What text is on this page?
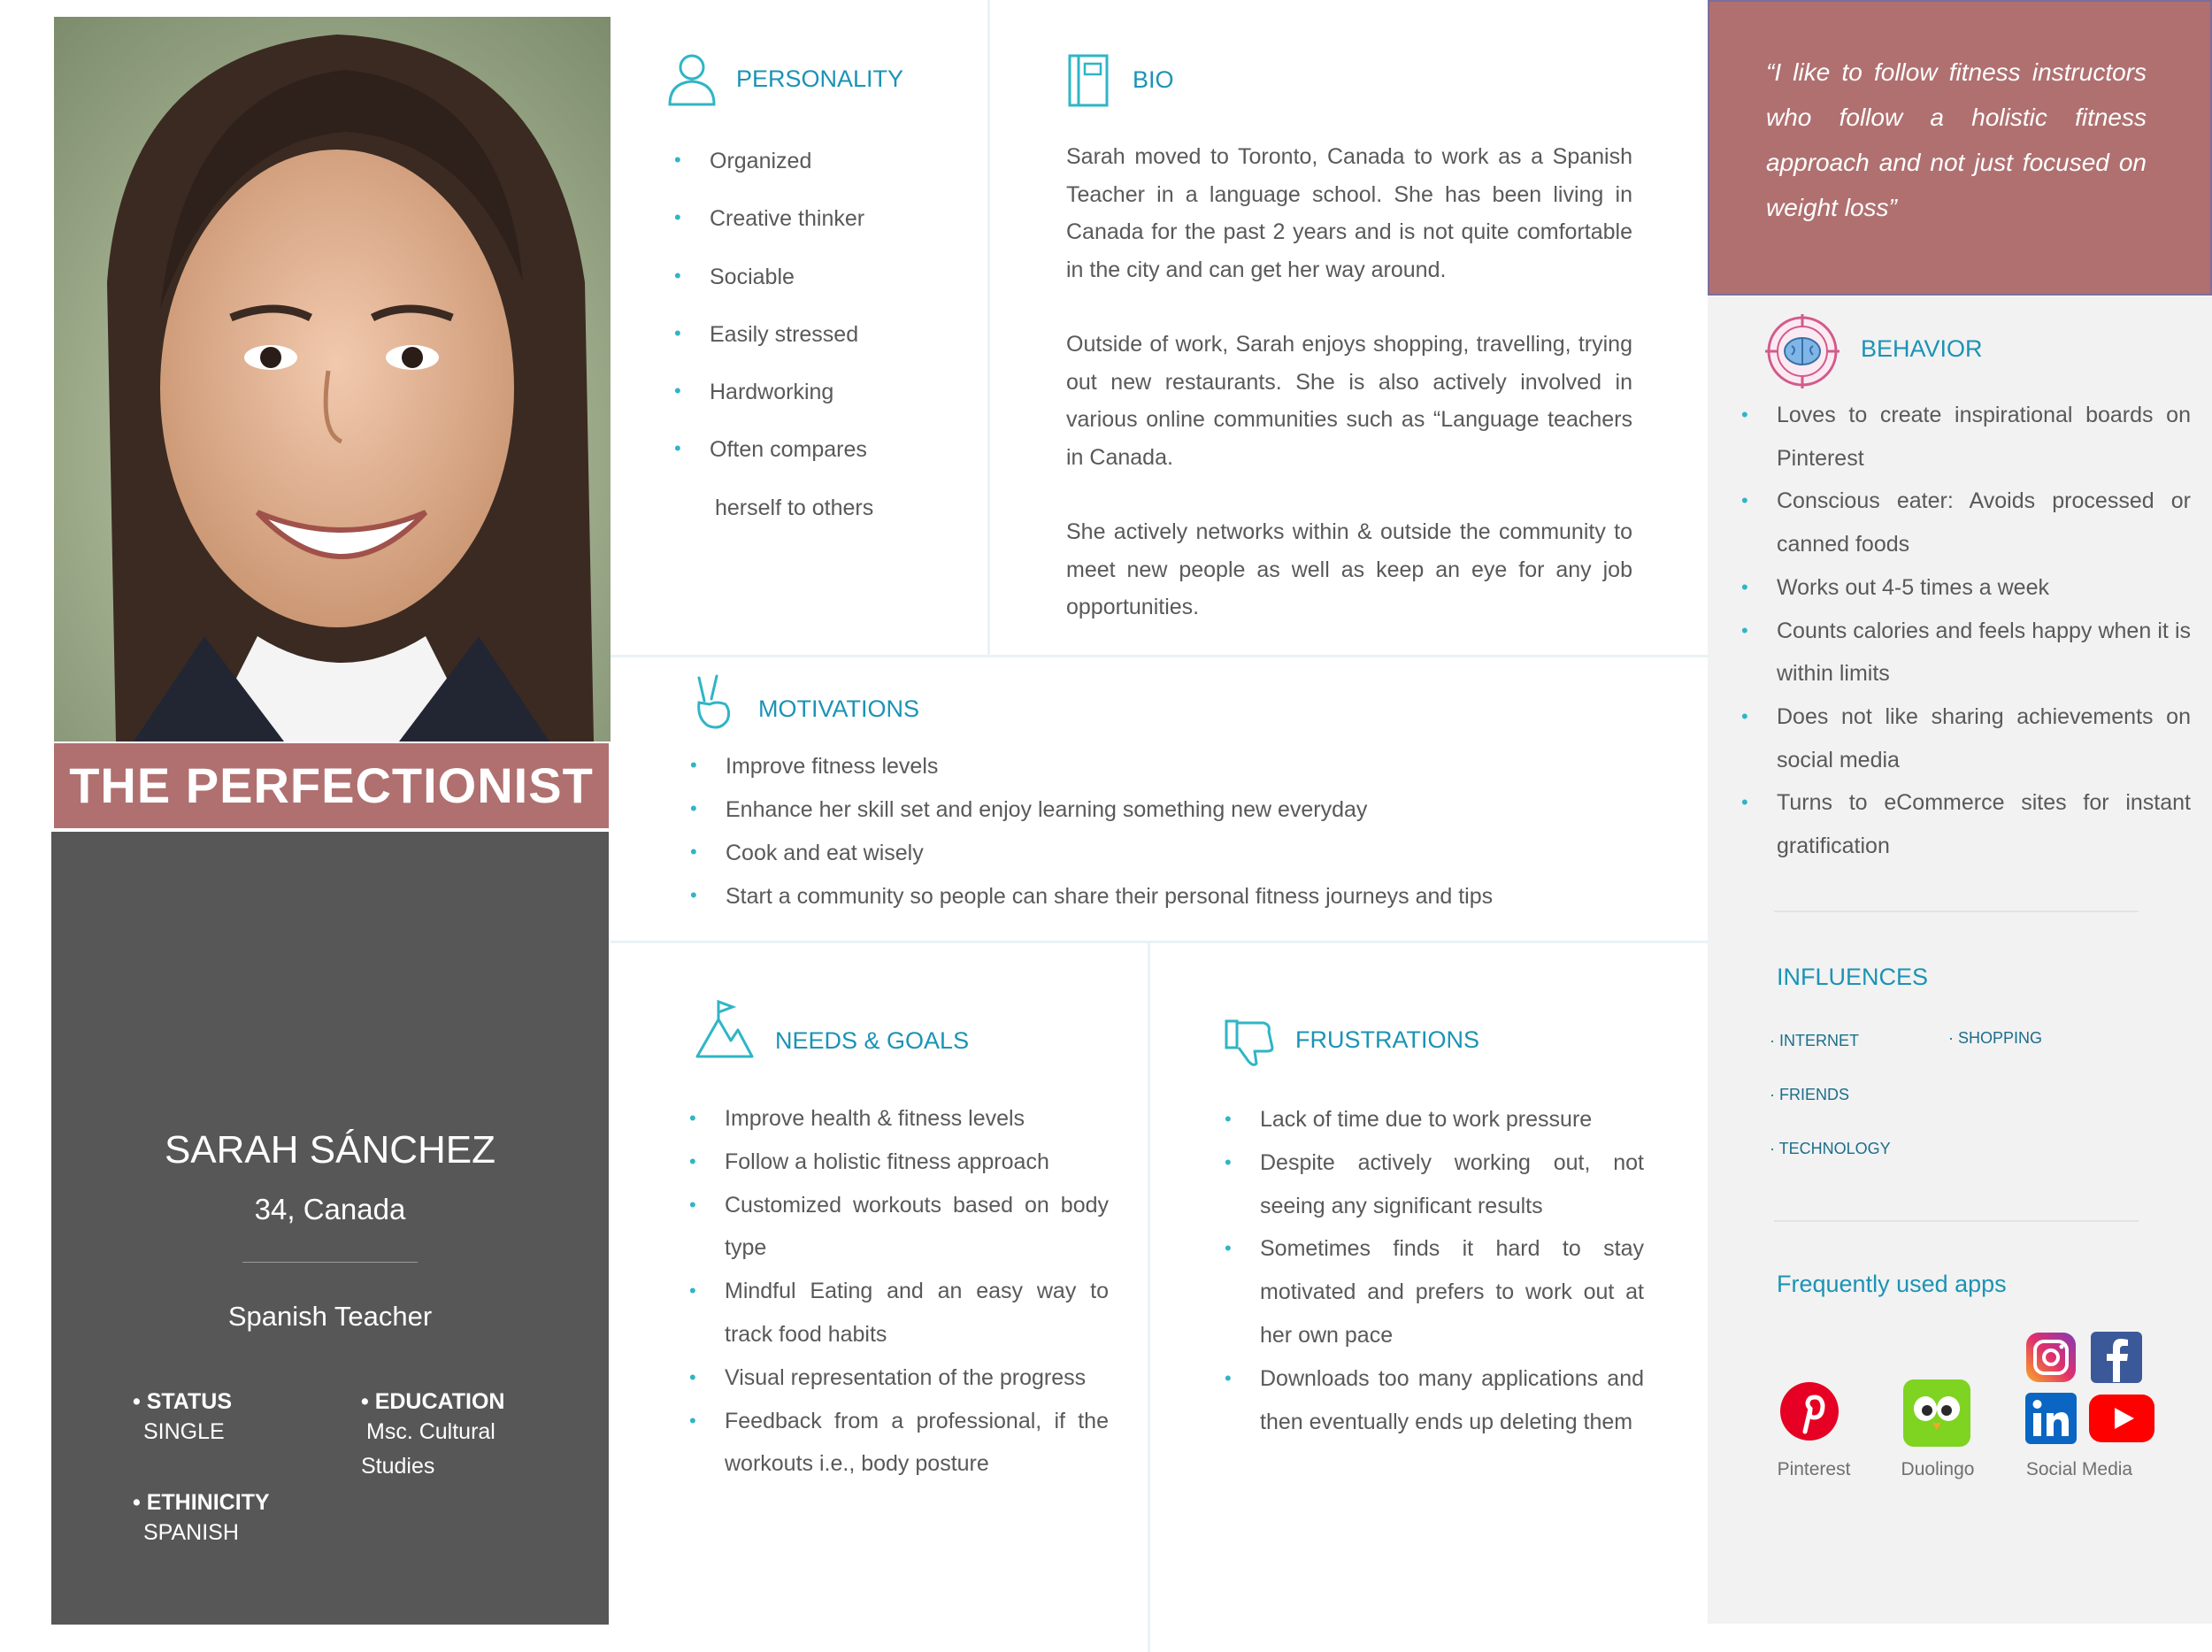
THE PERFECTIONIST
SARAH SÁNCHEZ
34, Canada
Spanish Teacher
• STATUS
SINGLE
• EDUCATION
Msc. Cultural
Studies
• ETHINICITY
SPANISH
PERSONALITY
• Organized
• Creative thinker
• Sociable
• Easily stressed
• Hardworking
• Often compares
herself to others
BIO

Sarah moved to Toronto, Canada to work as a Spanish Teacher in a language school. She has been living in Canada for the past 2 years and is not quite comfortable in the city and can get her way around.

Outside of work, Sarah enjoys shopping, travelling, trying out new restaurants. She is also actively involved in various online communities such as “Language teachers in Canada.

She actively networks within & outside the community to meet new people as well as keep an eye for any job opportunities.

MOTIVATIONS
• Improve fitness levels
• Enhance her skill set and enjoy learning something new everyday
• Cook and eat wisely
• Start a community so people can share their personal fitness journeys and tips
NEEDS & GOALS
• Improve health & fitness levels
• Follow a holistic fitness approach
• Customized workouts based on body type
• Mindful Eating and an easy way to track food habits
• Visual representation of the progress
• Feedback from a professional, if the workouts i.e., body posture
FRUSTRATIONS
• Lack of time due to work pressure
• Despite actively working out, not seeing any significant results
• Sometimes finds it hard to stay motivated and prefers to work out at her own pace
• Downloads too many applications and then eventually ends up deleting them

“I like to follow fitness instructors who follow a holistic fitness approach and not just focused on weight loss”

BEHAVIOR
• Loves to create inspirational boards on Pinterest
• Conscious eater: Avoids processed or canned foods
• Works out 4-5 times a week
• Counts calories and feels happy when it is within limits
• Does not like sharing achievements on social media
• Turns to eCommerce sites for instant gratification
INFLUENCES
· INTERNET	· SHOPPING
· FRIENDS
· TECHNOLOGY
Frequently used apps
Pinterest	Duolingo	Social Media
